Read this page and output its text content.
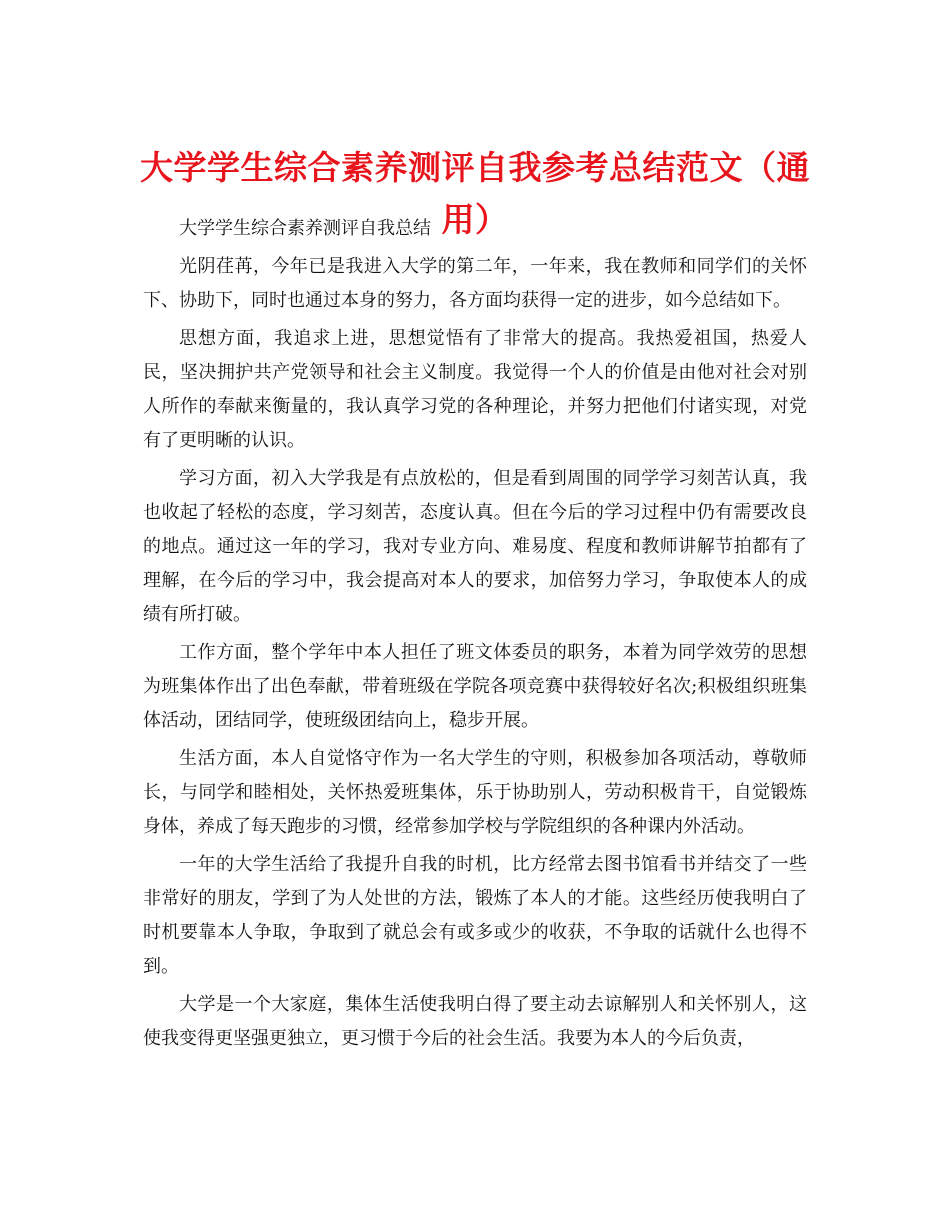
大学学生综合素养测评自我参考总结范文（通用）

大学学生综合素养测评自我总结

光阴荏苒，今年已是我进入大学的第二年，一年来，我在教师和同学们的关怀下、协助下，同时也通过本身的努力，各方面均获得一定的进步，如今总结如下。

思想方面，我追求上进，思想觉悟有了非常大的提高。我热爱祖国，热爱人民，坚决拥护共产党领导和社会主义制度。我觉得一个人的价值是由他对社会对别人所作的奉献来衡量的，我认真学习党的各种理论，并努力把他们付诸实现，对党有了更明晰的认识。

学习方面，初入大学我是有点放松的，但是看到周围的同学学习刻苦认真，我也收起了轻松的态度，学习刻苦，态度认真。但在今后的学习过程中仍有需要改良的地点。通过这一年的学习，我对专业方向、难易度、程度和教师讲解节拍都有了理解，在今后的学习中，我会提高对本人的要求，加倍努力学习，争取使本人的成绩有所打破。

工作方面，整个学年中本人担任了班文体委员的职务，本着为同学效劳的思想为班集体作出了出色奉献，带着班级在学院各项竞赛中获得较好名次;积极组织班集体活动，团结同学，使班级团结向上，稳步开展。

生活方面，本人自觉恪守作为一名大学生的守则，积极参加各项活动，尊敬师长，与同学和睦相处，关怀热爱班集体，乐于协助别人，劳动积极肯干，自觉锻炼身体，养成了每天跑步的习惯，经常参加学校与学院组织的各种课内外活动。

一年的大学生活给了我提升自我的时机，比方经常去图书馆看书并结交了一些非常好的朋友，学到了为人处世的方法，锻炼了本人的才能。这些经历使我明白了时机要靠本人争取，争取到了就总会有或多或少的收获，不争取的话就什么也得不到。

大学是一个大家庭，集体生活使我明白得了要主动去谅解别人和关怀别人，这使我变得更坚强更独立，更习惯于今后的社会生活。我要为本人的今后负责，
